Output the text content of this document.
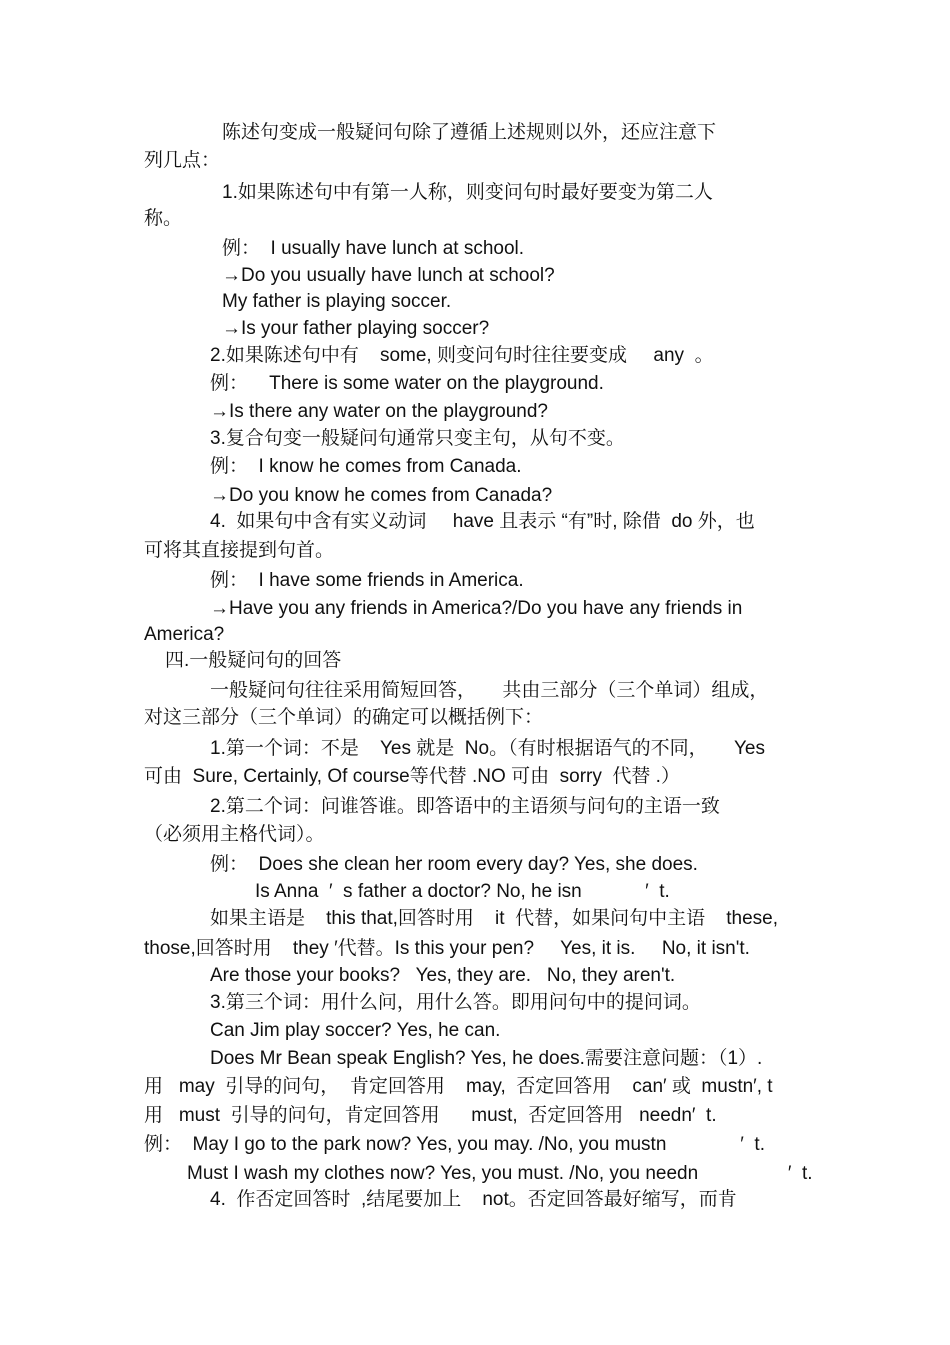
陈述句变成一般疑问句除了遵循上述规则以外，还应注意下

列几点：

1.如果陈述句中有第一人称，则变问句时最好要变为第二人

称。

例：  I usually have lunch at school.

→Do you usually have lunch at school?

My father is playing soccer.

→Is your father playing soccer?

2.如果陈述句中有    some, 则变问句时往往要变成     any  。

例：    There is some water on the playground.

→Is there any water on the playground?

3.复合句变一般疑问句通常只变主句，从句不变。

例：  I know he comes from Canada.

→Do you know he comes from Canada?

4.  如果句中含有实义动词     have 且表示 “有”时, 除借  do 外，也

可将其直接提到句首。

例：  I have some friends in America.

→Have you any friends in America?/Do you have any friends in

America?

四.一般疑问句的回答

一般疑问句往往采用简短回答，     共由三部分（三个单词）组成，

对这三部分（三个单词）的确定可以概括例下：

1.第一个词：不是    Yes 就是  No。（有时根据语气的不同，     Yes

可由  Sure, Certainly, Of course等代替 .NO 可由  sorry  代替 .）

2.第二个词：问谁答谁。即答语中的主语须与问句的主语一致

（必须用主格代词）。

例：  Does she clean her room every day? Yes, she does.

Is Anna  ′  s father a doctor? No, he isn            ′  t.

如果主语是    this that,回答时用    it  代替，如果问句中主语    these,

those,回答时用    they ′代替。Is this your pen?     Yes, it is.     No, it isn't.

Are those your books?   Yes, they are.   No, they aren't.

3.第三个词：用什么问，用什么答。即用问句中的提问词。

Can Jim play soccer? Yes, he can.

Does Mr Bean speak English? Yes, he does.需要注意问题：（1）.

用   may  引导的问句，  肯定回答用    may,  否定回答用    can′ 或  mustn′, t

用   must  引导的问句，肯定回答用      must,  否定回答用   needn′  t.

例：  May I go to the park now? Yes, you may. /No, you mustn              ′  t.

Must I wash my clothes now? Yes, you must. /No, you needn                 ′  t.

4.  作否定回答时  ,结尾要加上    not。否定回答最好缩写，而肯
